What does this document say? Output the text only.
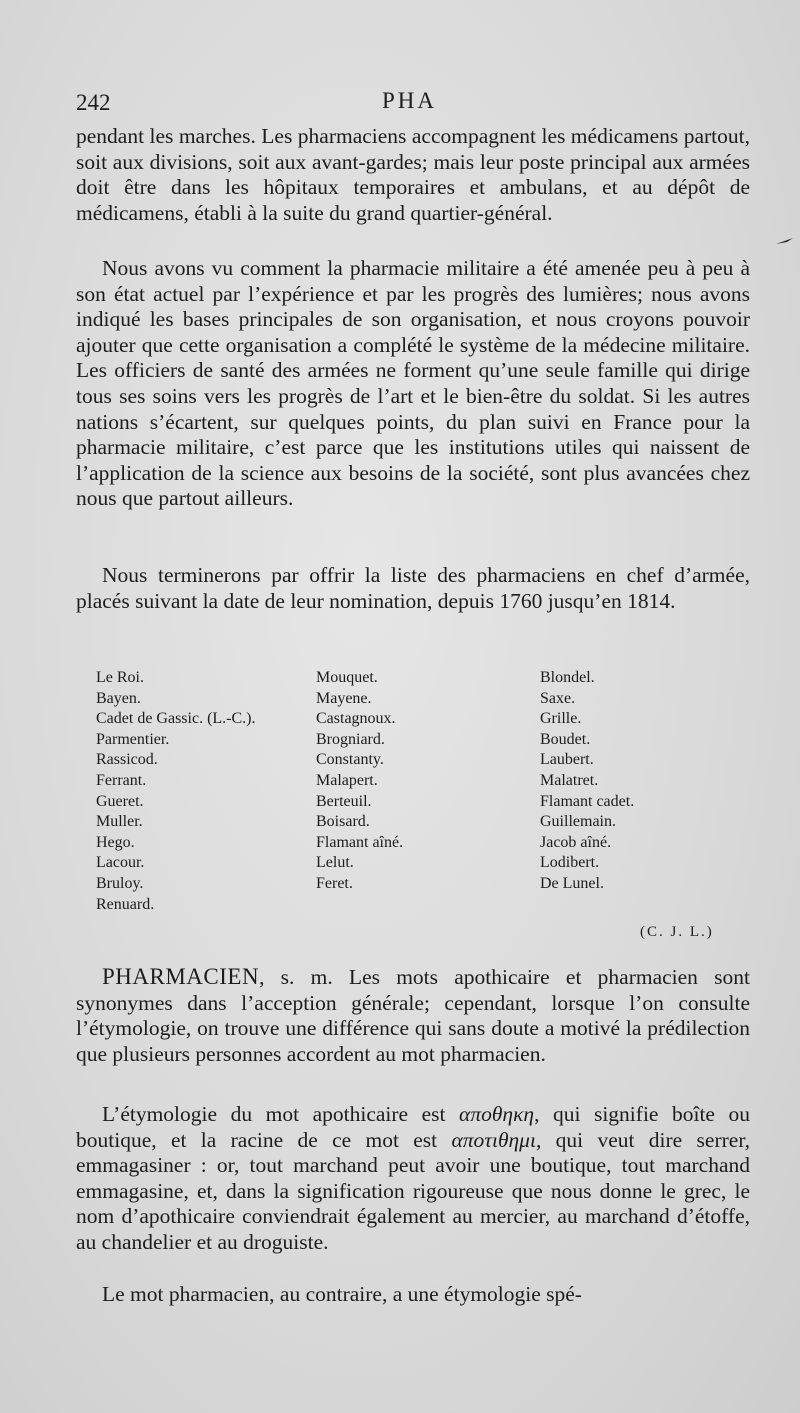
242	PHA
pendant les marches. Les pharmaciens accompagnent les médicamens partout, soit aux divisions, soit aux avant-gardes; mais leur poste principal aux armées doit être dans les hôpitaux temporaires et ambulans, et au dépôt de médicamens, établi à la suite du grand quartier-général.
Nous avons vu comment la pharmacie militaire a été amenée peu à peu à son état actuel par l’expérience et par les progrès des lumières; nous avons indiqué les bases principales de son organisation, et nous croyons pouvoir ajouter que cette organisation a complété le système de la médecine militaire. Les officiers de santé des armées ne forment qu’une seule famille qui dirige tous ses soins vers les progrès de l’art et le bien-être du soldat. Si les autres nations s’écartent, sur quelques points, du plan suivi en France pour la pharmacie militaire, c’est parce que les institutions utiles qui naissent de l’application de la science aux besoins de la société, sont plus avancées chez nous que partout ailleurs.
Nous terminerons par offrir la liste des pharmaciens en chef d’armée, placés suivant la date de leur nomination, depuis 1760 jusqu’en 1814.
Le Roi.
Bayen.
Cadet de Gassic. (L.-C.).
Parmentier.
Rassicod.
Ferrant.
Gueret.
Muller.
Hego.
Lacour.
Bruloy.
Renuard.
Mouquet.
Mayene.
Castagnoux.
Brogniard.
Constanty.
Malapert.
Berteuil.
Boisard.
Flamant aîné.
Lelut.
Feret.
Blondel.
Saxe.
Grille.
Boudet.
Laubert.
Malatret.
Flamant cadet.
Guillemain.
Jacob aîné.
Lodibert.
De Lunel.
(C. J. L.)
PHARMACIEN, s. m. Les mots apothicaire et pharmacien sont synonymes dans l’acception générale; cependant, lorsque l’on consulte l’étymologie, on trouve une différence qui sans doute a motivé la prédilection que plusieurs personnes accordent au mot pharmacien.
L’étymologie du mot apothicaire est αποθηκη, qui signifie boîte ou boutique, et la racine de ce mot est αποτιθημι, qui veut dire serrer, emmagasiner : or, tout marchand peut avoir une boutique, tout marchand emmagasine, et, dans la signification rigoureuse que nous donne le grec, le nom d’apothicaire conviendrait également au mercier, au marchand d’étoffe, au chandelier et au droguiste.
Le mot pharmacien, au contraire, a une étymologie spé-
